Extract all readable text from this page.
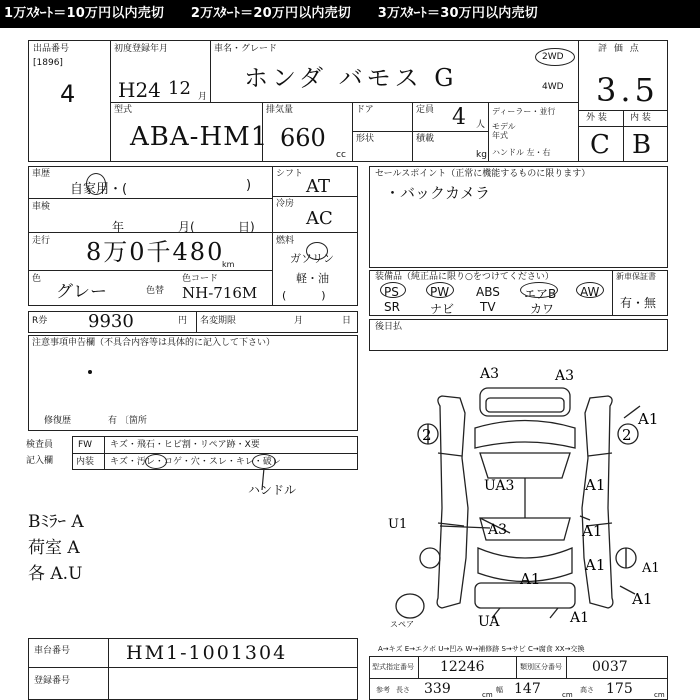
1万ｽﾀｰﾄ＝10万円以内売切 2万ｽﾀｰﾄ＝20万円以内売切 3万ｽﾀｰﾄ＝30万円以内売切
出品番号
[1896]
4
初度登録年月
H24 12 月
車名・グレード
ホンダ バモス G
2WD
4WD
評 価 点
3.5
型式
ABA-HM1
排気量
660
cc
ドア
形状
定員 4 人
積載
kg
ディーラー・並行
モデル
年式
ハンドル 左・右
外 装	内 装
C B
車歴
自家用・(	)
車検
年	月(	日)
走行 8万0千480
km
色
グレー	色替
色コード
NH-716M
シフト
AT
冷房
AC
燃料
ガソリン
軽・油
(          )
セールスポイント（正常に機能するものに限ります）
・バックカメラ
装備品（純正品に限り○をつけてください）
PS	PW ABS エアB AW
SR	ナビ TV	カワ
新車保証書
有・無
R券 9930	円 名変期限	月	日
後日払
注意事項申告欄（不具合内容等は具体的に記入して下さい）
修復歴	有 〔箇所
検査員
記入欄
FW
内装
キズ・飛石・ヒビ割・リペア跡・X要
キズ・汚レ・コゲ・穴・スレ・キレ・破レ
ハンドル
Bﾐﾗｰ A
荷室 A
各 A.U
A3	A3
A1
A1
A1
A1
A1
A1
UA3
A3
U1
A1
A1
UA
2	2
スペア
車台番号	HM1-1001304
登録番号
A→キズ E→エクボ U→凹み W→補修跡 S→サビ C→腐食 XX→交換
型式指定番号 12246	類別区分番号 0037
参考 長さ 339	cm
幅 147	cm
高さ 175	cm
